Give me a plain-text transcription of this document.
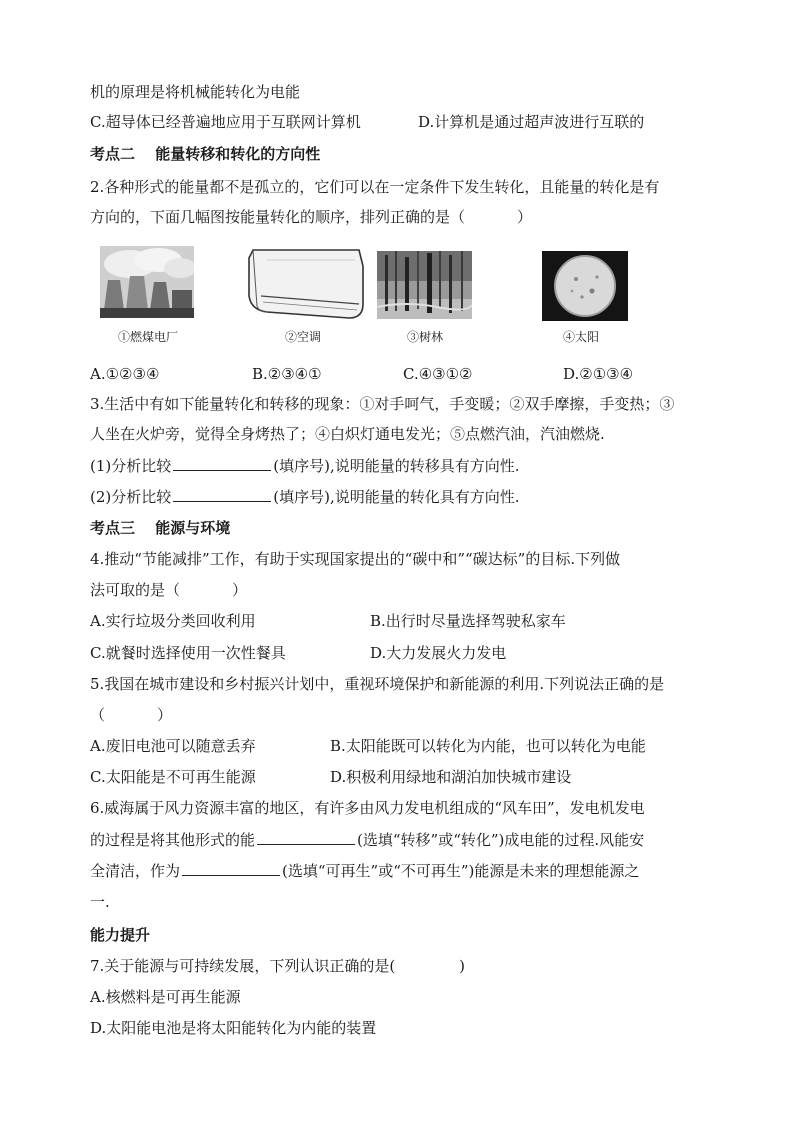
机的原理是将机械能转化为电能
C.超导体已经普遍地应用于互联网计算机	D.计算机是通过超声波进行互联的
考点二　 能量转移和转化的方向性
2.各种形式的能量都不是孤立的，它们可以在一定条件下发生转化，且能量的转化是有
方向的，下面几幅图按能量转化的顺序，排列正确的是（	）
①燃煤电厂	②空调	③树林	④太阳
A.①②③④	B.②③④①	C.④③①②	D.②①③④
3.生活中有如下能量转化和转移的现象：①对手呵气，手变暖；②双手摩擦，手变热；③
人坐在火炉旁，觉得全身烤热了；④白炽灯通电发光；⑤点燃汽油，汽油燃烧.
(1)分析比较	(填序号),说明能量的转移具有方向性.
(2)分析比较	(填序号),说明能量的转化具有方向性.
考点三　 能源与环境
4.推动“节能减排”工作，有助于实现国家提出的“碳中和”“碳达标”的目标.下列做
法可取的是（	）
A.实行垃圾分类回收利用	B.出行时尽量选择驾驶私家车
C.就餐时选择使用一次性餐具	D.大力发展火力发电
5.我国在城市建设和乡村振兴计划中，重视环境保护和新能源的利用.下列说法正确的是
（	）
A.废旧电池可以随意丢弃	B.太阳能既可以转化为内能，也可以转化为电能
C.太阳能是不可再生能源	D.积极利用绿地和湖泊加快城市建设
6.威海属于风力资源丰富的地区，有许多由风力发电机组成的“风车田”，发电机发电
的过程是将其他形式的能	(选填“转移”或“转化”)成电能的过程.风能安
全清洁，作为	(选填“可再生”或“不可再生”)能源是未来的理想能源之
一.
能力提升
7.关于能源与可持续发展，下列认识正确的是(	)
A.核燃料是可再生能源
D.太阳能电池是将太阳能转化为内能的装置
